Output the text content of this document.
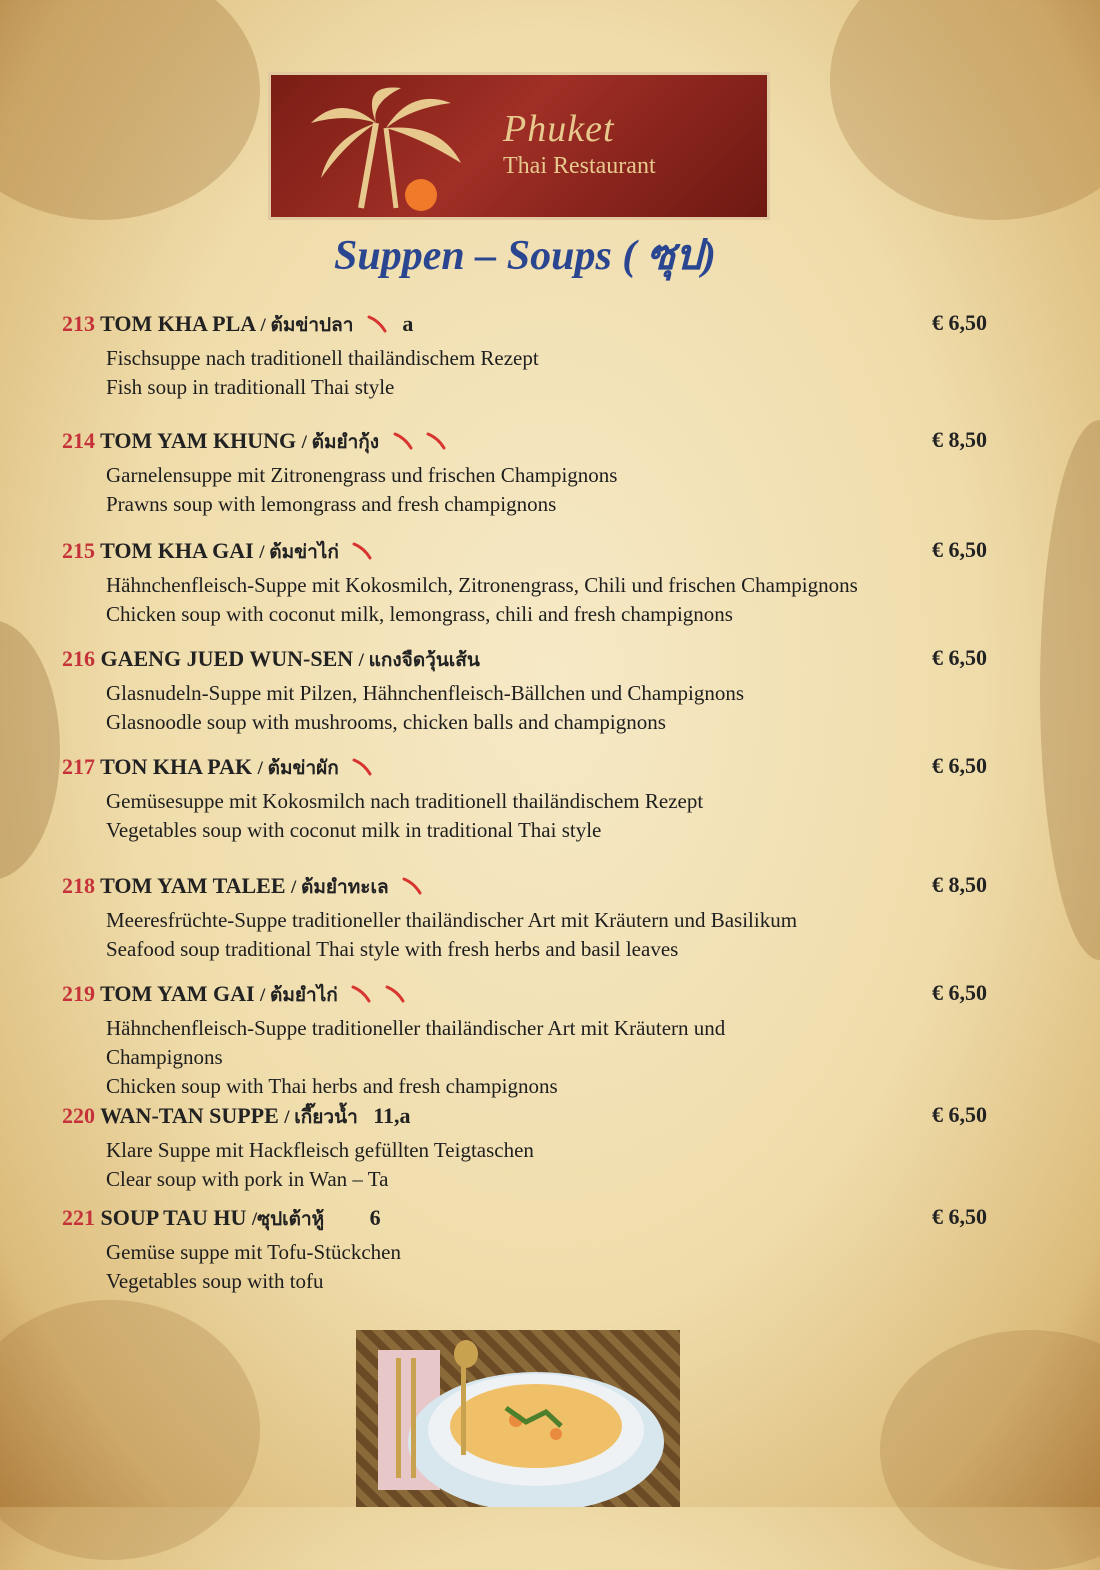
Phuket
Thai Restaurant
Suppen – Soups ( ซุป)
213 TOM KHA PLA / ต้มข่าปลา a	€ 6,50
Fischsuppe nach traditionell thailändischem Rezept
Fish soup in traditionall Thai style
214 TOM YAM KHUNG / ต้มยำกุ้ง	€ 8,50
Garnelensuppe mit Zitronengrass und frischen Champignons
Prawns soup with lemongrass and fresh champignons
215 TOM KHA GAI / ต้มข่าไก่	€ 6,50
Hähnchenfleisch-Suppe mit Kokosmilch, Zitronengrass, Chili und frischen Champignons
Chicken soup with coconut milk, lemongrass, chili and fresh champignons
216 GAENG JUED WUN-SEN / แกงจืดวุ้นเส้น	€ 6,50
Glasnudeln-Suppe mit Pilzen, Hähnchenfleisch-Bällchen und Champignons
Glasnoodle soup with mushrooms, chicken balls and champignons
217 TON KHA PAK / ต้มข่าผัก	€ 6,50
Gemüsesuppe mit Kokosmilch nach traditionell thailändischem Rezept
Vegetables soup with coconut milk in traditional Thai style
218 TOM YAM TALEE / ต้มยำทะเล	€ 8,50
Meeresfrüchte-Suppe traditioneller thailändischer Art mit Kräutern und Basilikum
Seafood soup traditional Thai style with fresh herbs and basil leaves
219 TOM YAM GAI / ต้มยำไก่	€ 6,50
Hähnchenfleisch-Suppe traditioneller thailändischer Art mit Kräutern und Champignons
Chicken soup with Thai herbs and fresh champignons
220 WAN-TAN SUPPE / เกี๊ยวน้ำ 11,a	€ 6,50
Klare Suppe mit Hackfleisch gefüllten Teigtaschen
Clear soup with pork in Wan – Ta
221 SOUP TAU HU /ซุปเต้าหู้ 6	€ 6,50
Gemüse suppe mit Tofu-Stückchen
Vegetables soup with tofu
